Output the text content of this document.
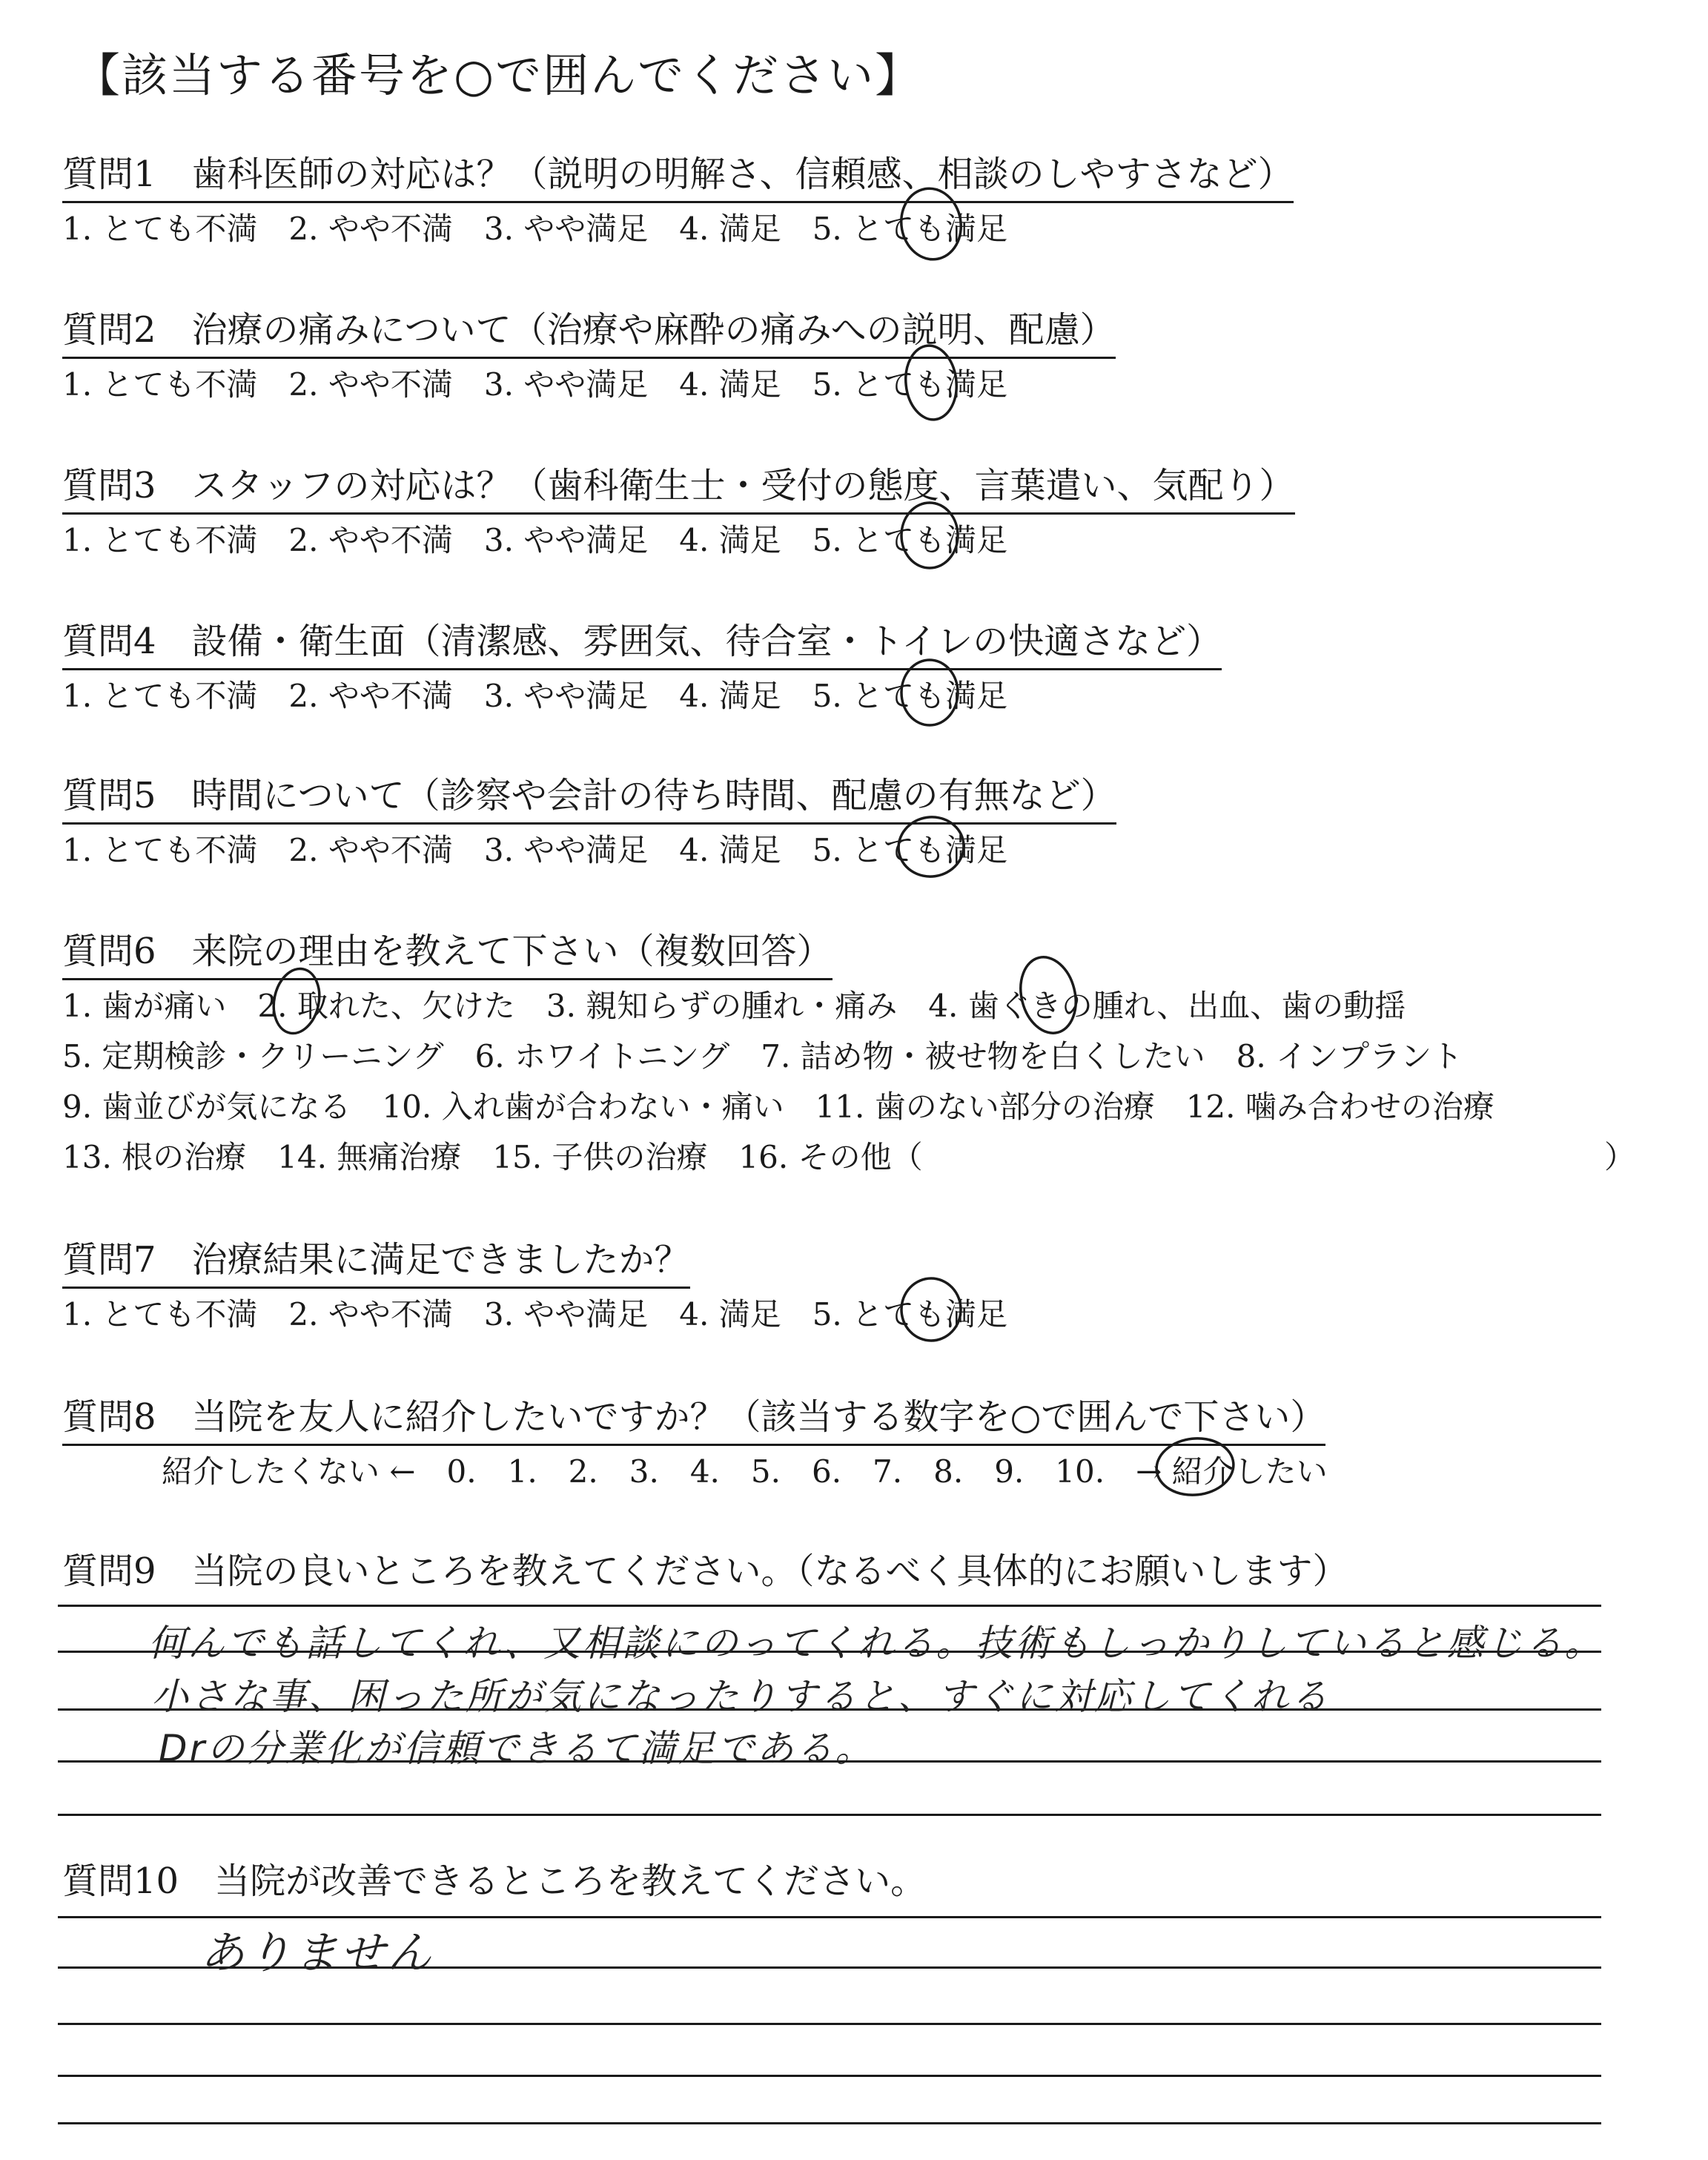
【該当する番号を○で囲んでください】
質問1　歯科医師の対応は？（説明の明解さ、信頼感、相談のしやすさなど）
1. とても不満　2. やや不満　3. やや満足　4. 満足　5. とても満足
質問2　治療の痛みについて（治療や麻酔の痛みへの説明、配慮）
1. とても不満　2. やや不満　3. やや満足　4. 満足　5. とても満足
質問3　スタッフの対応は？（歯科衛生士・受付の態度、言葉遣い、気配り）
1. とても不満　2. やや不満　3. やや満足　4. 満足　5. とても満足
質問4　設備・衛生面（清潔感、雰囲気、待合室・トイレの快適さなど）
1. とても不満　2. やや不満　3. やや満足　4. 満足　5. とても満足
質問5　時間について（診察や会計の待ち時間、配慮の有無など）
1. とても不満　2. やや不満　3. やや満足　4. 満足　5. とても満足
質問6　来院の理由を教えて下さい（複数回答）
1. 歯が痛い　2. 取れた、欠けた　3. 親知らずの腫れ・痛み　4. 歯ぐきの腫れ、出血、歯の動揺
5. 定期検診・クリーニング　6. ホワイトニング　7. 詰め物・被せ物を白くしたい　8. インプラント
9. 歯並びが気になる　10. 入れ歯が合わない・痛い　11. 歯のない部分の治療　12. 噛み合わせの治療
13. 根の治療　14. 無痛治療　15. 子供の治療　16. その他（	）
質問7　治療結果に満足できましたか？
1. とても不満　2. やや不満　3. やや満足　4. 満足　5. とても満足
質問8　当院を友人に紹介したいですか？（該当する数字を○で囲んで下さい）
紹介したくない ←　0.　1.　2.　3.　4.　5.　6.　7.　8.　9.　10.　→ 紹介したい
質問9　当院の良いところを教えてください。（なるべく具体的にお願いします）
何んでも話してくれ、又相談にのってくれる。技術もしっかりしていると感じる。
小さな事、困った所が気になったりすると、すぐに対応してくれる
Drの分業化が信頼できるて満足である。
質問10　当院が改善できるところを教えてください。
ありません
